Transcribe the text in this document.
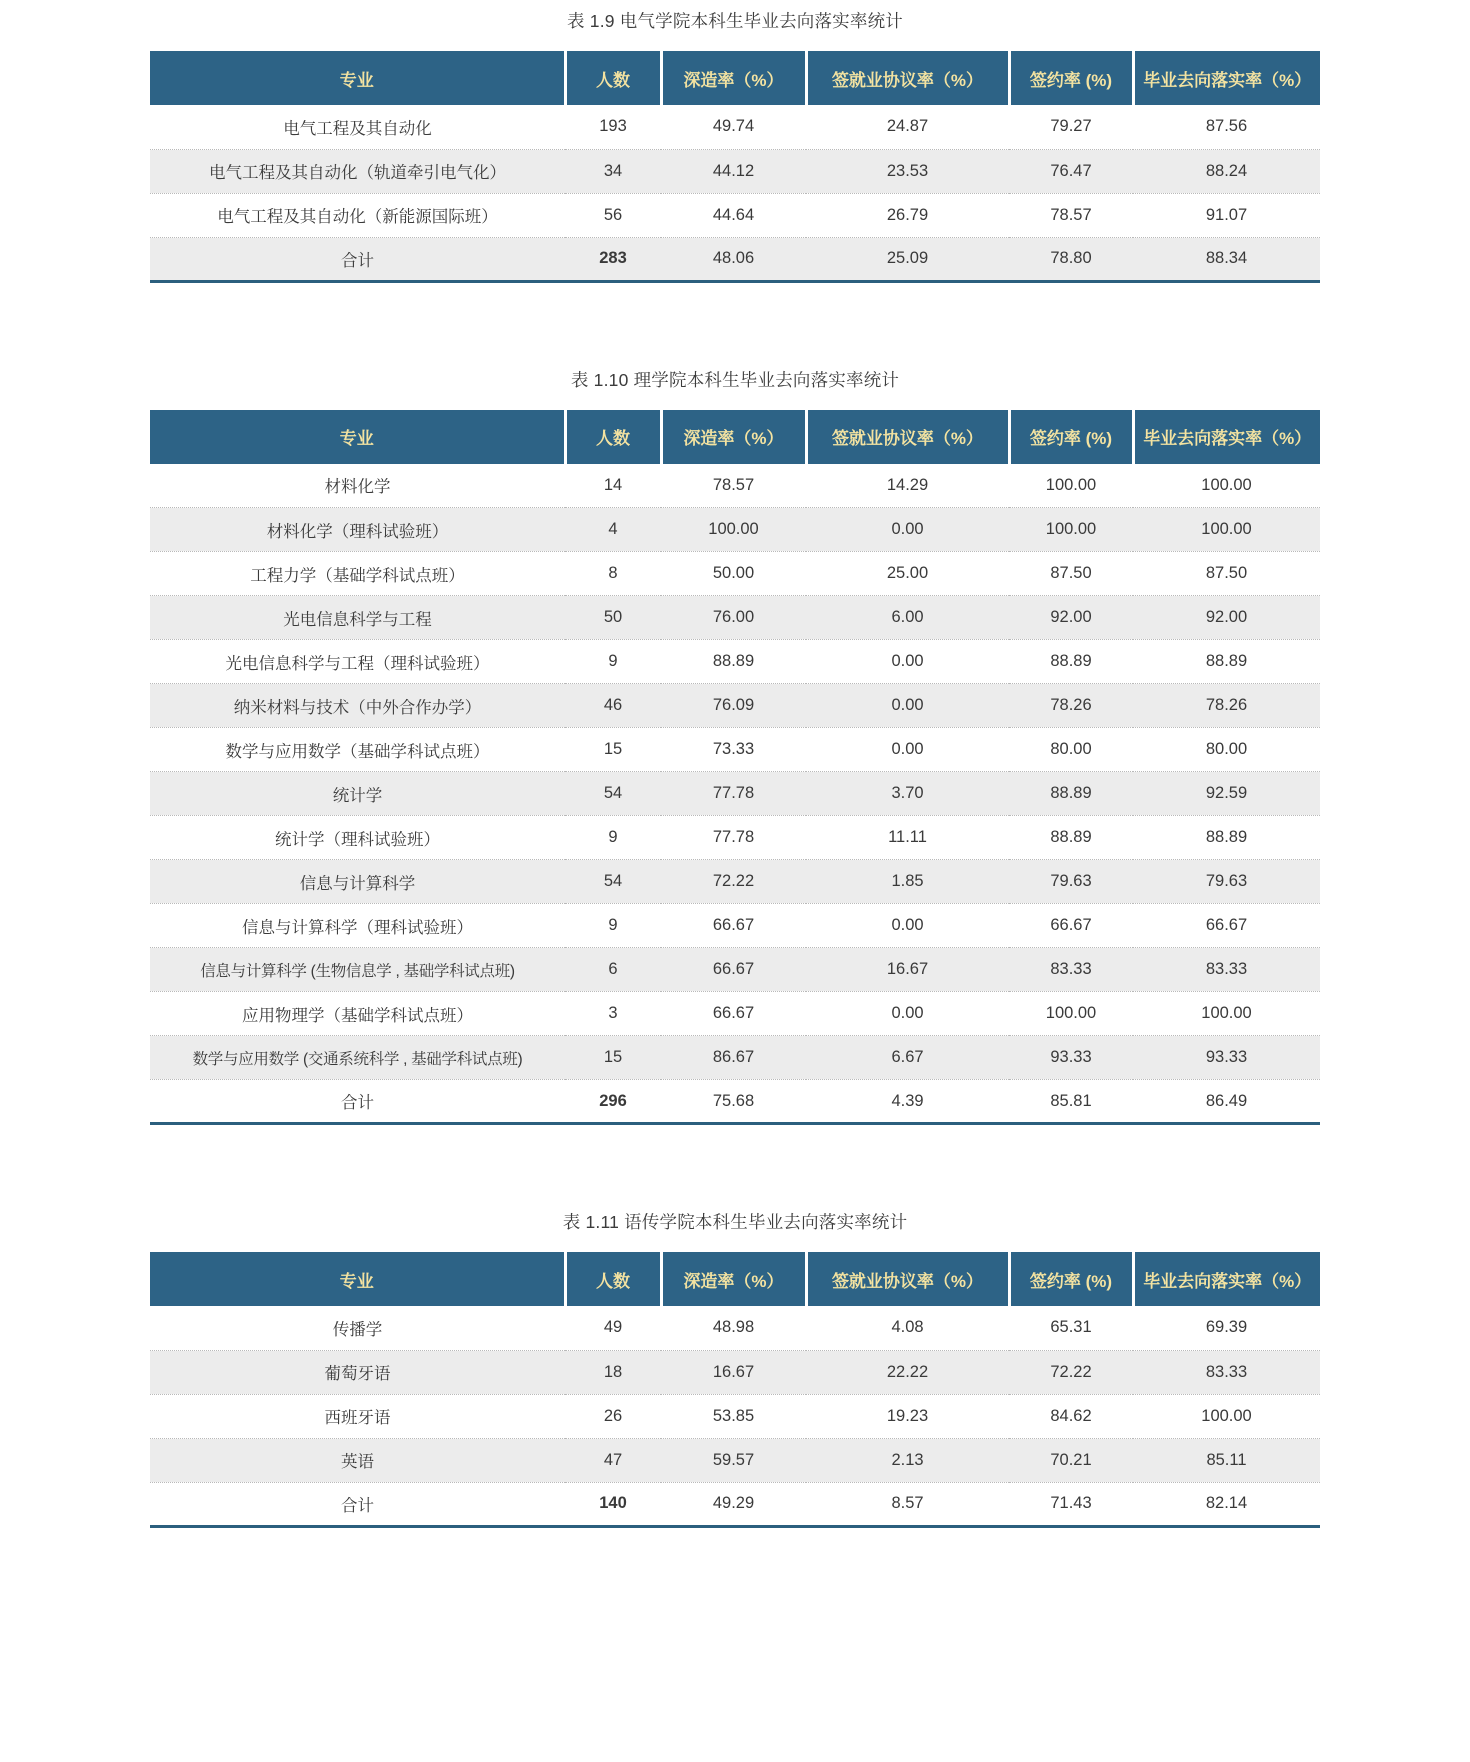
表 1.9 电气学院本科生毕业去向落实率统计
专业	人数	深造率（%）	签就业协议率（%）	签约率 (%)	毕业去向落实率（%）
电气工程及其自动化	193	49.74	24.87	79.27	87.56
电气工程及其自动化（轨道牵引电气化）	34	44.12	23.53	76.47	88.24
电气工程及其自动化（新能源国际班）	56	44.64	26.79	78.57	91.07
合计	283	48.06	25.09	78.80	88.34
表 1.10 理学院本科生毕业去向落实率统计
专业	人数	深造率（%）	签就业协议率（%）	签约率 (%)	毕业去向落实率（%）
材料化学	14	78.57	14.29	100.00	100.00
材料化学（理科试验班）	4	100.00	0.00	100.00	100.00
工程力学（基础学科试点班）	8	50.00	25.00	87.50	87.50
光电信息科学与工程	50	76.00	6.00	92.00	92.00
光电信息科学与工程（理科试验班）	9	88.89	0.00	88.89	88.89
纳米材料与技术（中外合作办学）	46	76.09	0.00	78.26	78.26
数学与应用数学（基础学科试点班）	15	73.33	0.00	80.00	80.00
统计学	54	77.78	3.70	88.89	92.59
统计学（理科试验班）	9	77.78	11.11	88.89	88.89
信息与计算科学	54	72.22	1.85	79.63	79.63
信息与计算科学（理科试验班）	9	66.67	0.00	66.67	66.67
信息与计算科学 (生物信息学 , 基础学科试点班)	6	66.67	16.67	83.33	83.33
应用物理学（基础学科试点班）	3	66.67	0.00	100.00	100.00
数学与应用数学 (交通系统科学 , 基础学科试点班)	15	86.67	6.67	93.33	93.33
合计	296	75.68	4.39	85.81	86.49
表 1.11 语传学院本科生毕业去向落实率统计
专业	人数	深造率（%）	签就业协议率（%）	签约率 (%)	毕业去向落实率（%）
传播学	49	48.98	4.08	65.31	69.39
葡萄牙语	18	16.67	22.22	72.22	83.33
西班牙语	26	53.85	19.23	84.62	100.00
英语	47	59.57	2.13	70.21	85.11
合计	140	49.29	8.57	71.43	82.14
